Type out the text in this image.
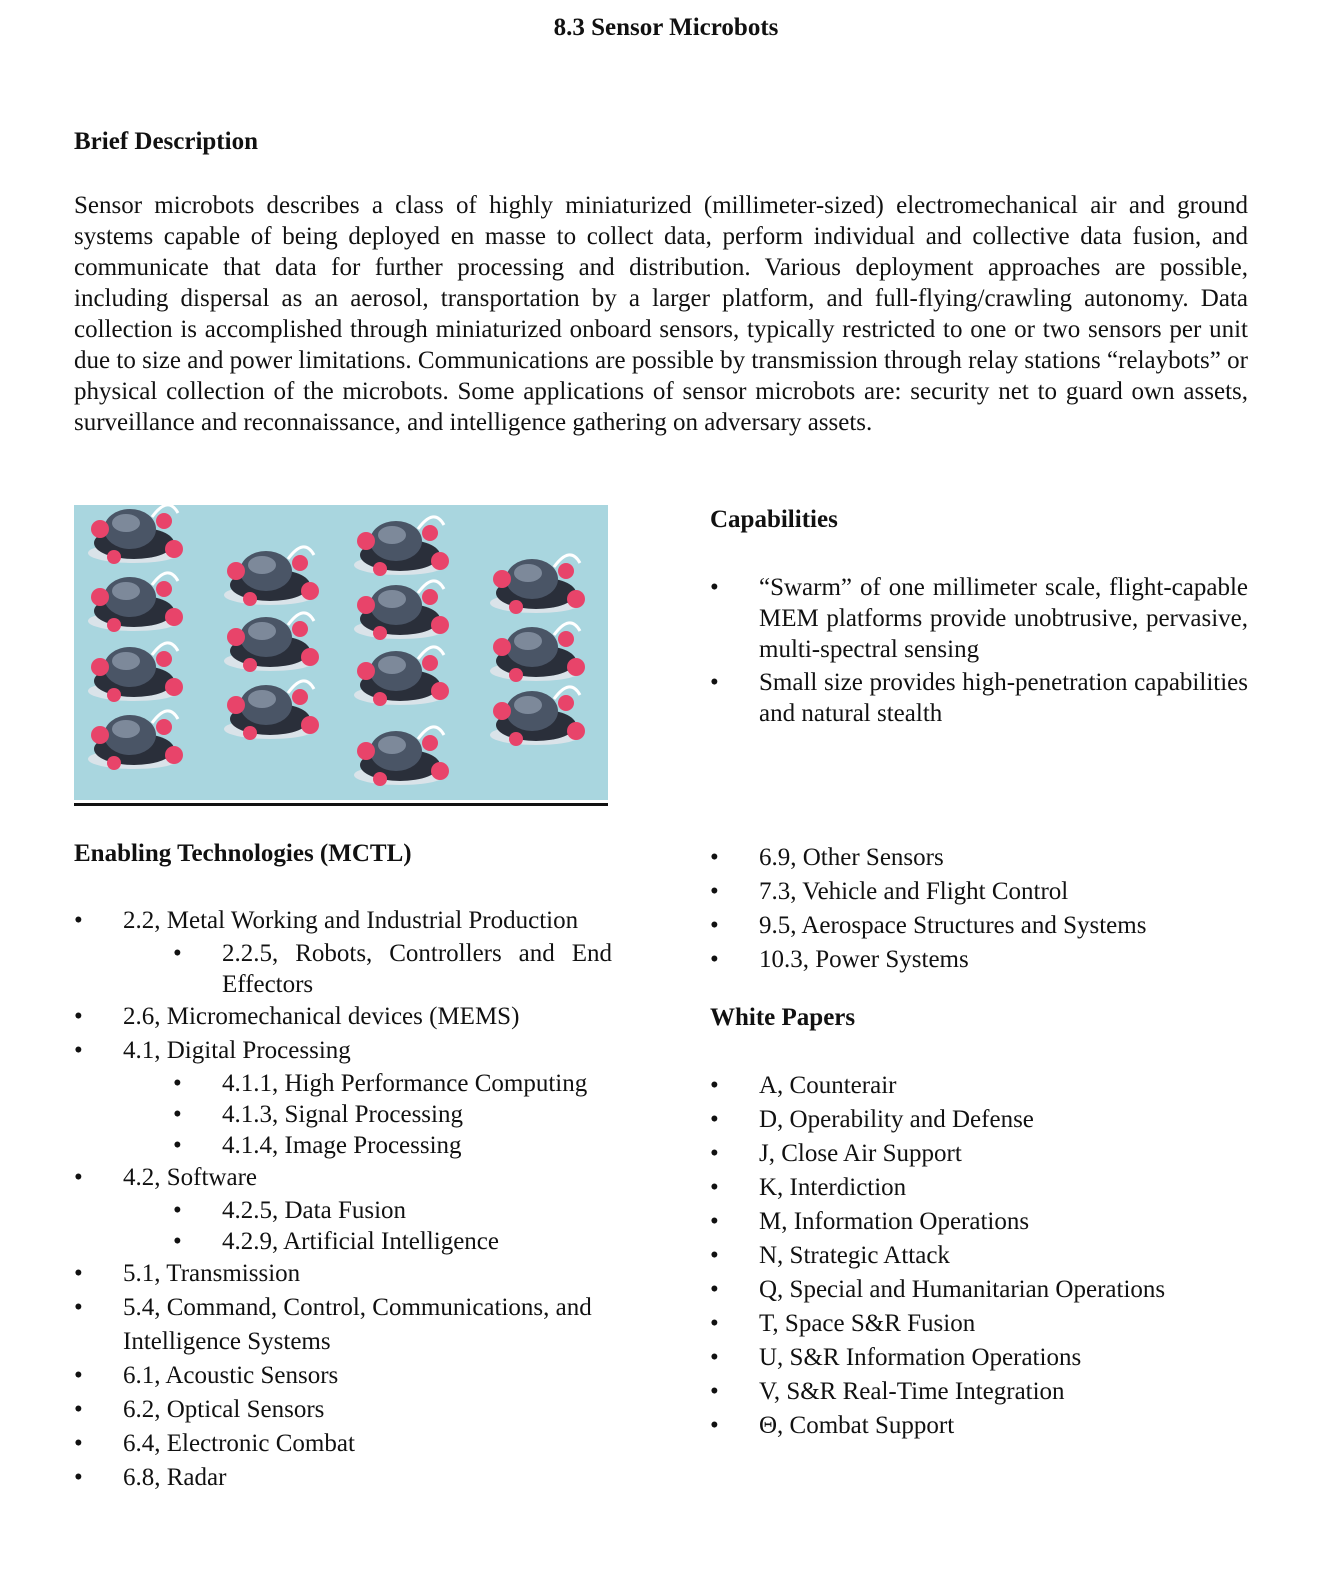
8.3 Sensor Microbots
Brief Description

Sensor microbots describes a class of highly miniaturized (millimeter-sized) electromechanical air and ground systems capable of being deployed en masse to collect data, perform individual and collective data fusion, and communicate that data for further processing and distribution. Various deployment approaches are possible, including dispersal as an aerosol, transportation by a larger platform, and full-flying/crawling autonomy. Data collection is accomplished through miniaturized onboard sensors, typically restricted to one or two sensors per unit due to size and power limitations. Communications are possible by transmission through relay stations “relaybots” or physical collection of the microbots. Some applications of sensor microbots are: security net to guard own assets, surveillance and reconnaissance, and intelligence gathering on adversary assets.

Capabilities
• “Swarm” of one millimeter scale, flight-capable MEM platforms provide unobtrusive, pervasive, multi-spectral sensing
• Small size provides high-penetration capabilities and natural stealth
Enabling Technologies (MCTL)
• 2.2, Metal Working and Industrial Production
• 2.2.5, Robots, Controllers and End Effectors
• 2.6, Micromechanical devices (MEMS)
• 4.1, Digital Processing
• 4.1.1, High Performance Computing
• 4.1.3, Signal Processing
• 4.1.4, Image Processing
• 4.2, Software
• 4.2.5, Data Fusion
• 4.2.9, Artificial Intelligence
• 5.1, Transmission
• 5.4, Command, Control, Communications, and Intelligence Systems
• 6.1, Acoustic Sensors
• 6.2, Optical Sensors
• 6.4, Electronic Combat
• 6.8, Radar
• 6.9, Other Sensors
• 7.3, Vehicle and Flight Control
• 9.5, Aerospace Structures and Systems
• 10.3, Power Systems
White Papers
• A, Counterair
• D, Operability and Defense
• J, Close Air Support
• K, Interdiction
• M, Information Operations
• N, Strategic Attack
• Q, Special and Humanitarian Operations
• T, Space S&R Fusion
• U, S&R Information Operations
• V, S&R Real-Time Integration
• Θ, Combat Support
